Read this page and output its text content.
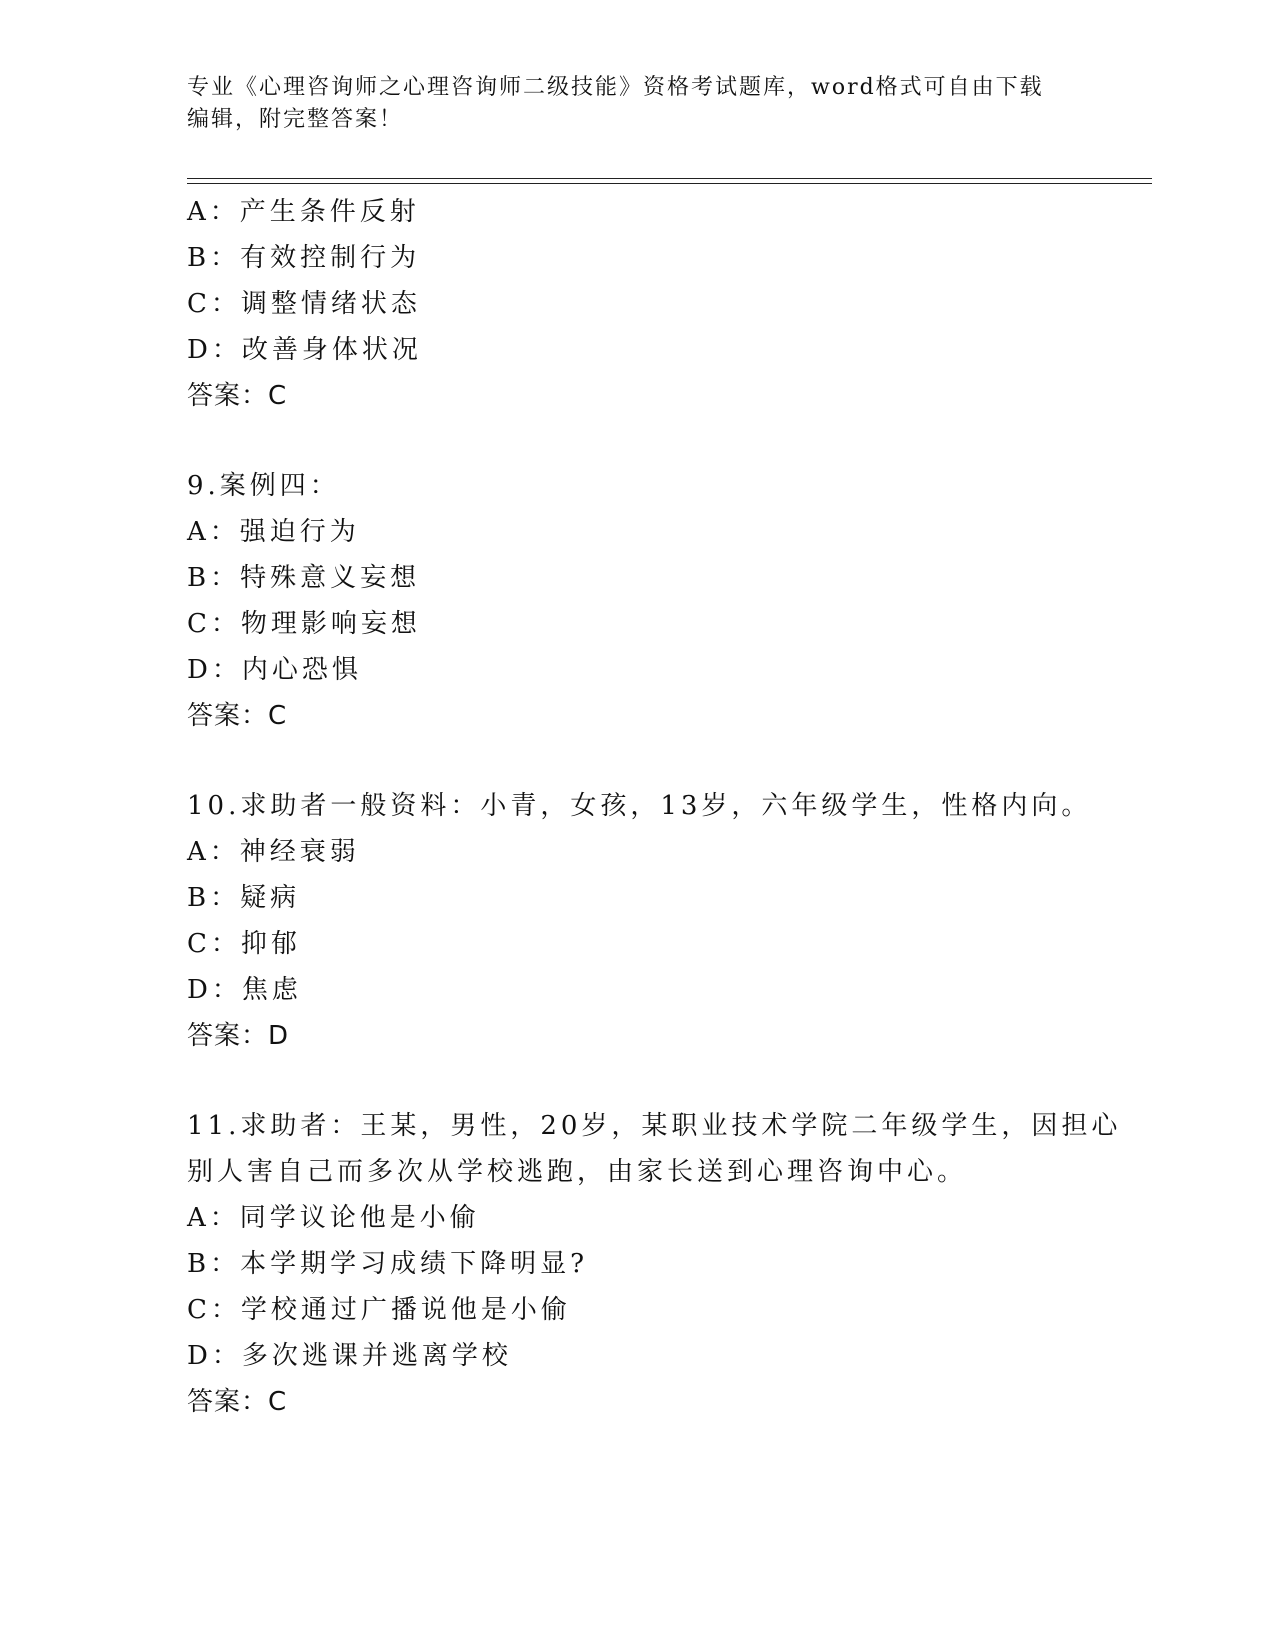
专业《心理咨询师之心理咨询师二级技能》资格考试题库，word格式可自由下载
编辑，附完整答案！
A：产生条件反射
B：有效控制行为
C：调整情绪状态
D：改善身体状况
答案：C
9.案例四：
A：强迫行为
B：特殊意义妄想
C：物理影响妄想
D：内心恐惧
答案：C
10.求助者一般资料：小青，女孩，13岁，六年级学生，性格内向。
A：神经衰弱
B：疑病
C：抑郁
D：焦虑
答案：D
11.求助者：王某，男性，20岁，某职业技术学院二年级学生，因担心
别人害自己而多次从学校逃跑，由家长送到心理咨询中心。
A：同学议论他是小偷
B：本学期学习成绩下降明显?
C：学校通过广播说他是小偷
D：多次逃课并逃离学校
答案：C
